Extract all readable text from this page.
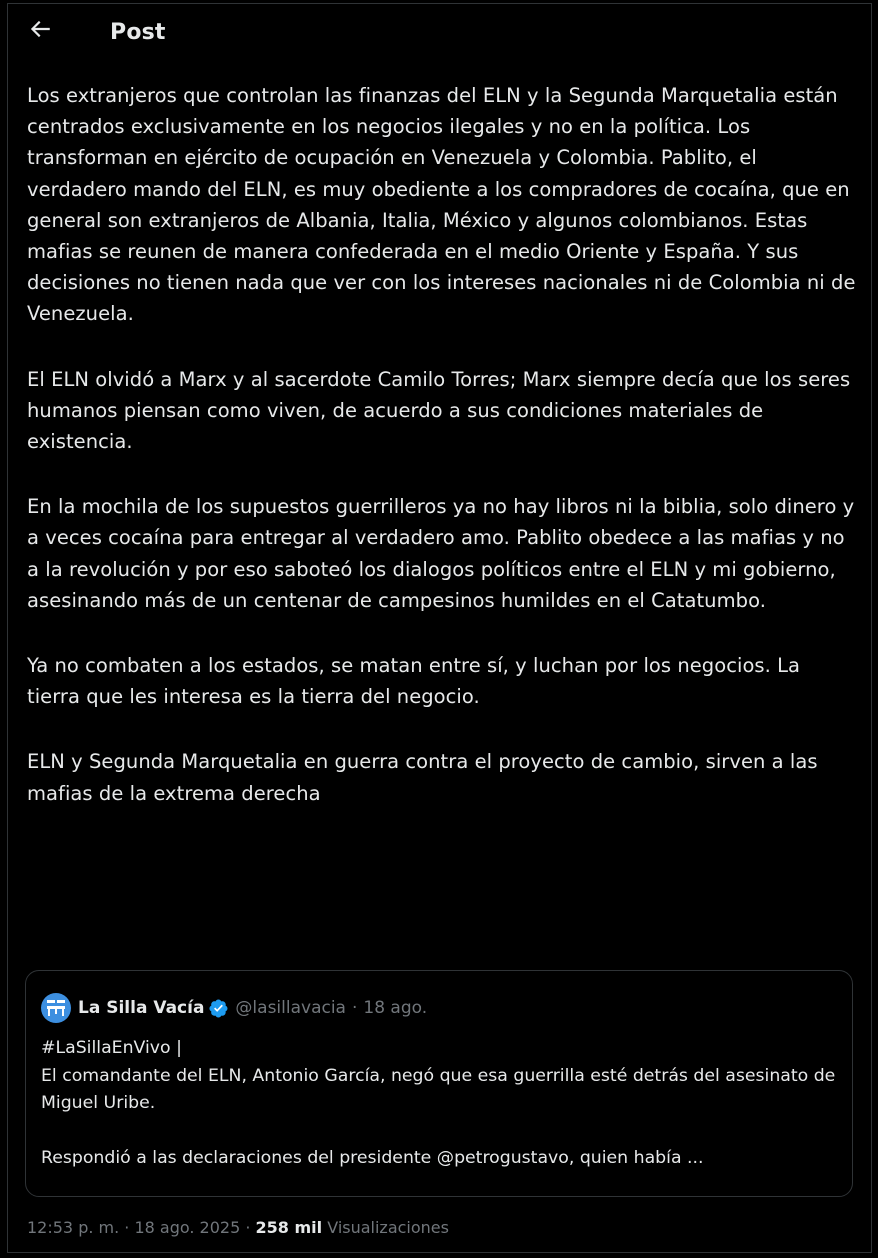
Post

Los extranjeros que controlan las finanzas del ELN y la Segunda Marquetalia están centrados exclusivamente en los negocios ilegales y no en la política. Los transforman en ejército de ocupación en Venezuela y Colombia. Pablito, el verdadero mando del ELN, es muy obediente a los compradores de cocaína, que en general son extranjeros de Albania, Italia, México y algunos colombianos. Estas mafias se reunen de manera confederada en el medio Oriente y España. Y sus decisiones no tienen nada que ver con los intereses nacionales ni de Colombia ni de Venezuela.

El ELN olvidó a Marx y al sacerdote Camilo Torres; Marx siempre decía que los seres humanos piensan como viven, de acuerdo a sus condiciones materiales de existencia.

En la mochila de los supuestos guerrilleros ya no hay libros ni la biblia, solo dinero y a veces cocaína para entregar al verdadero amo. Pablito obedece a las mafias y no a la revolución y por eso saboteó los dialogos políticos entre el ELN y mi gobierno, asesinando más de un centenar de campesinos humildes en el Catatumbo.

Ya no combaten a los estados, se matan entre sí, y luchan por los negocios. La tierra que les interesa es la tierra del negocio.

ELN y Segunda Marquetalia en guerra contra el proyecto de cambio, sirven a las mafias de la extrema derecha

La Silla Vacía @lasillavacia · 18 ago.

#LaSillaEnVivo |

El comandante del ELN, Antonio García, negó que esa guerrilla esté detrás del asesinato de Miguel Uribe.

Respondió a las declaraciones del presidente @petrogustavo, quien había ...

12:53 p. m. · 18 ago. 2025 · 258 mil Visualizaciones
